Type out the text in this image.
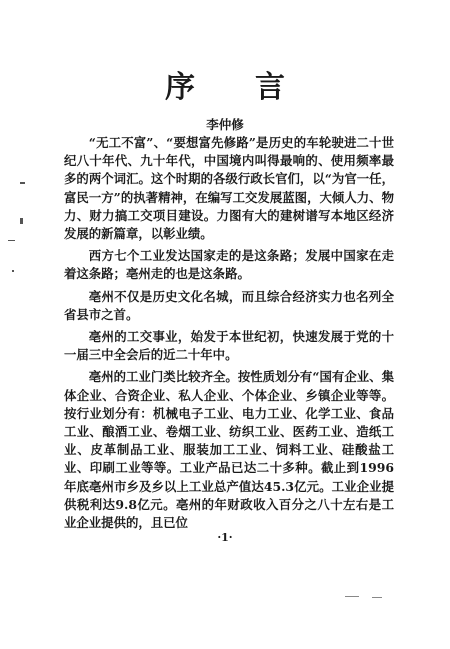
序言
李仲修

“无工不富”、“要想富先修路”是历史的车轮驶进二十世纪八十年代、九十年代，中国境内叫得最响的、使用频率最多的两个词汇。这个时期的各级行政长官们，以“为官一任，富民一方”的执著精神，在编写工交发展蓝图，大倾人力、物力、财力搞工交项目建设。力图有大的建树谱写本地区经济发展的新篇章，以彰业绩。

西方七个工业发达国家走的是这条路；发展中国家在走着这条路；亳州走的也是这条路。

亳州不仅是历史文化名城，而且综合经济实力也名列全省县市之首。

亳州的工交事业，始发于本世纪初，快速发展于党的十一届三中全会后的近二十年中。

亳州的工业门类比较齐全。按性质划分有“国有企业、集体企业、合资企业、私人企业、个体企业、乡镇企业等等。按行业划分有：机械电子工业、电力工业、化学工业、食品工业、酿酒工业、卷烟工业、纺织工业、医药工业、造纸工业、皮革制品工业、服装加工工业、饲料工业、硅酸盐工业、印刷工业等等。工业产品已达二十多种。截止到1996年底亳州市乡及乡以上工业总产值达45.3亿元。工业企业提供税利达9.8亿元。亳州的年财政收入百分之八十左右是工业企业提供的，且已位

·1·
